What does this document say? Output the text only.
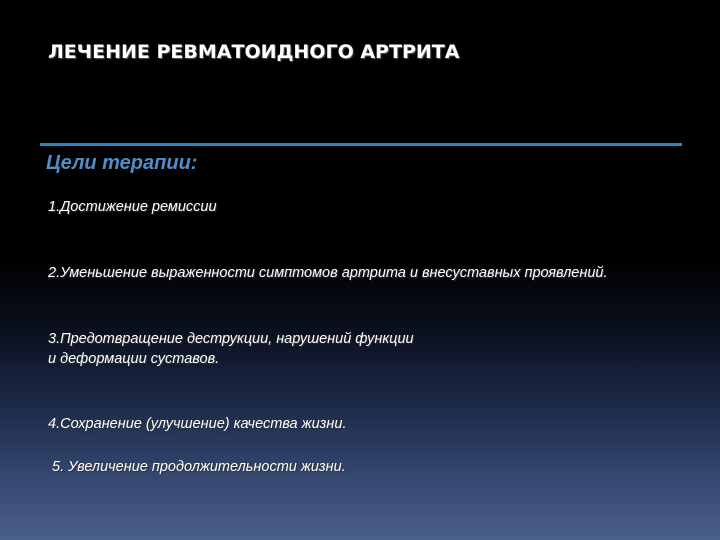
ЛЕЧЕНИЕ РЕВМАТОИДНОГО АРТРИТА
Цели терапии:

1.Достижение ремиссии

2.Уменьшение выраженности симптомов артрита и внесуставных проявлений.

3.Предотвращение деструкции, нарушений функции
и деформации суставов.

4.Сохранение (улучшение) качества жизни.

5. Увеличение продолжительности жизни.
